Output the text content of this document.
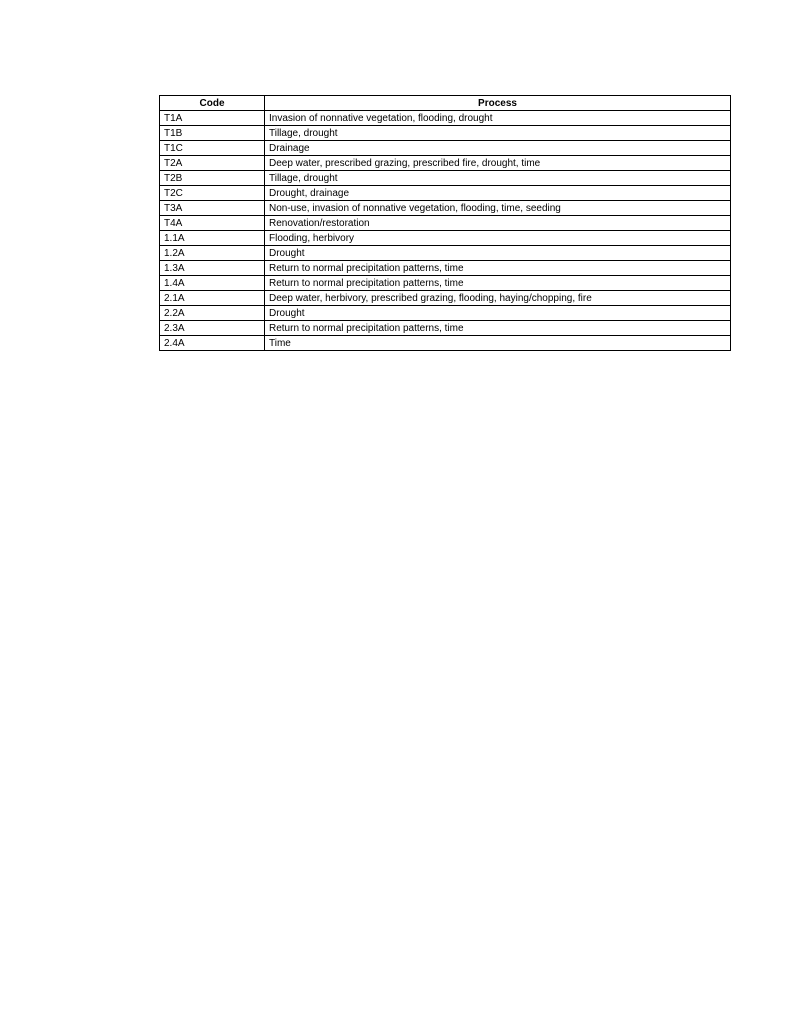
Code	Process
T1A	Invasion of nonnative vegetation, flooding, drought
T1B	Tillage, drought
T1C	Drainage
T2A	Deep water, prescribed grazing, prescribed fire, drought, time
T2B	Tillage, drought
T2C	Drought, drainage
T3A	Non-use, invasion of nonnative vegetation, flooding, time, seeding
T4A	Renovation/restoration
1.1A	Flooding, herbivory
1.2A	Drought
1.3A	Return to normal precipitation patterns, time
1.4A	Return to normal precipitation patterns, time
2.1A	Deep water, herbivory, prescribed grazing, flooding, haying/chopping, fire
2.2A	Drought
2.3A	Return to normal precipitation patterns, time
2.4A	Time
